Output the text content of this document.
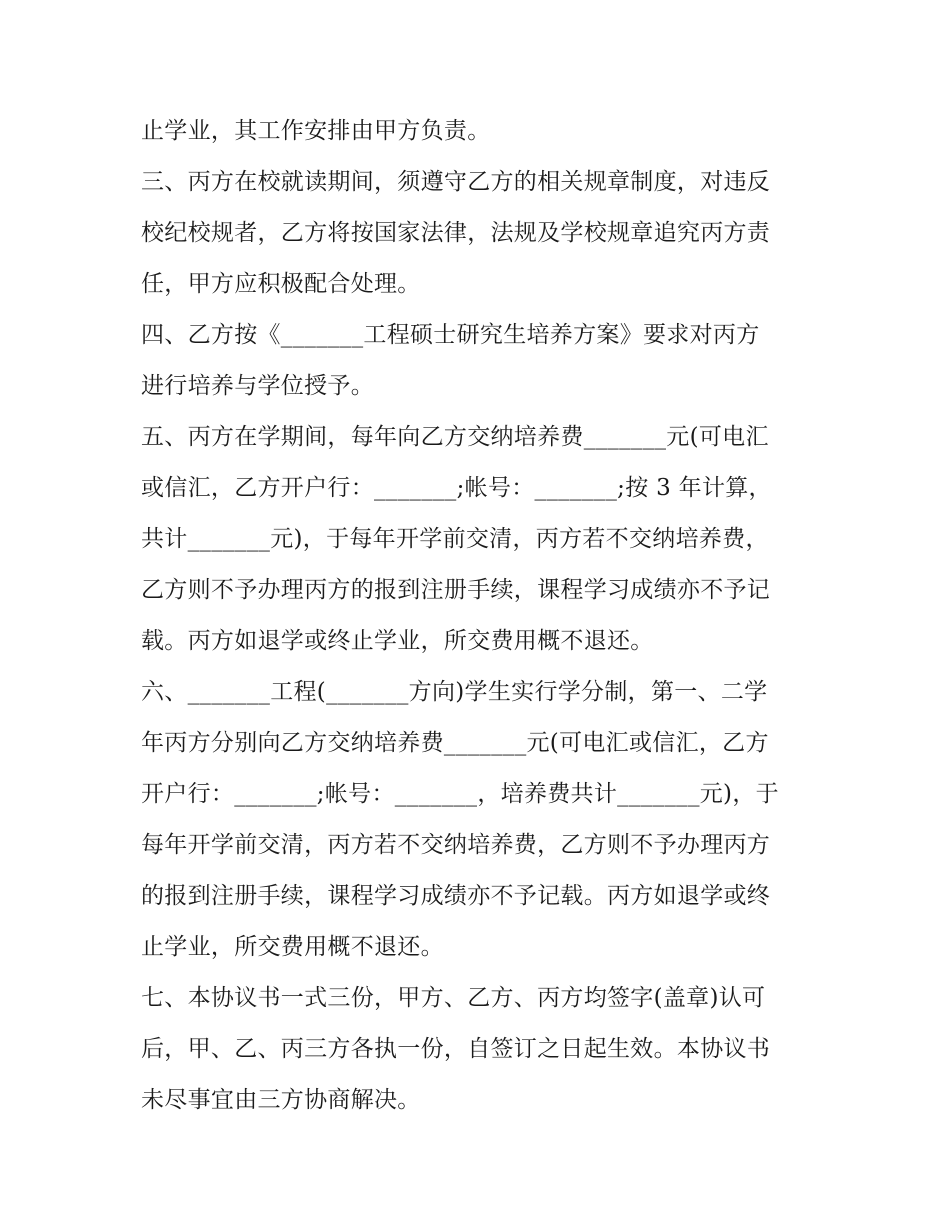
止学业，其工作安排由甲方负责。
三、丙方在校就读期间，须遵守乙方的相关规章制度，对违反
校纪校规者，乙方将按国家法律，法规及学校规章追究丙方责
任，甲方应积极配合处理。
四、乙方按《_______工程硕士研究生培养方案》要求对丙方
进行培养与学位授予。
五、丙方在学期间，每年向乙方交纳培养费_______元(可电汇
或信汇，乙方开户行：_______;帐号：_______;按 3 年计算，
共计_______元)，于每年开学前交清，丙方若不交纳培养费，
乙方则不予办理丙方的报到注册手续，课程学习成绩亦不予记
载。丙方如退学或终止学业，所交费用概不退还。
六、_______工程(_______方向)学生实行学分制，第一、二学
年丙方分别向乙方交纳培养费_______元(可电汇或信汇，乙方
开户行：_______;帐号：_______，培养费共计_______元)，于
每年开学前交清，丙方若不交纳培养费，乙方则不予办理丙方
的报到注册手续，课程学习成绩亦不予记载。丙方如退学或终
止学业，所交费用概不退还。
七、本协议书一式三份，甲方、乙方、丙方均签字(盖章)认可
后，甲、乙、丙三方各执一份，自签订之日起生效。本协议书
未尽事宜由三方协商解决。
